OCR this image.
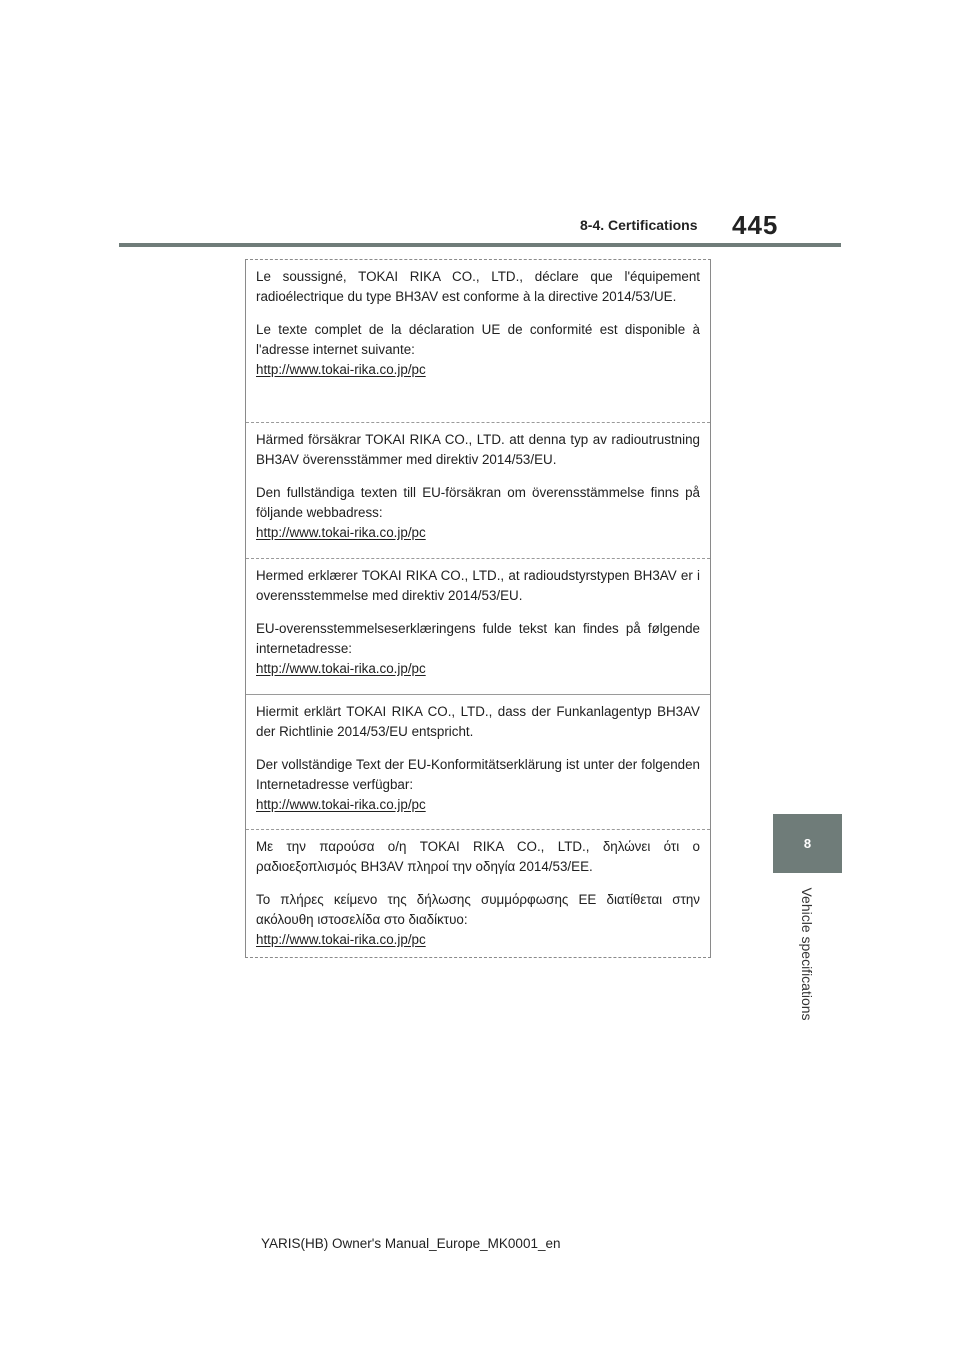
8-4. Certifications 445
8
Vehicle specifications

Le soussigné, TOKAI RIKA CO., LTD., déclare que l'équipement radioélectrique du type BH3AV est conforme à la directive 2014/53/UE.

Le texte complet de la déclaration UE de conformité est disponible à l'adresse internet suivante:
http://www.tokai-rika.co.jp/pc

Härmed försäkrar TOKAI RIKA CO., LTD. att denna typ av radioutrustning BH3AV överensstämmer med direktiv 2014/53/EU.

Den fullständiga texten till EU-försäkran om överensstämmelse finns på följande webbadress:
http://www.tokai-rika.co.jp/pc

Hermed erklærer TOKAI RIKA CO., LTD., at radioudstyrstypen BH3AV er i overensstemmelse med direktiv 2014/53/EU.

EU-overensstemmelseserklæringens fulde tekst kan findes på følgende internetadresse:
http://www.tokai-rika.co.jp/pc

Hiermit erklärt TOKAI RIKA CO., LTD., dass der Funkanlagentyp BH3AV der Richtlinie 2014/53/EU entspricht.

Der vollständige Text der EU-Konformitätserklärung ist unter der folgenden Internetadresse verfügbar:
http://www.tokai-rika.co.jp/pc

Με την παρούσα ο/η TOKAI RIKA CO., LTD., δηλώνει ότι ο ραδιοεξοπλισμός BH3AV πληροί την οδηγία 2014/53/ΕΕ.

Το πλήρες κείμενο της δήλωσης συμμόρφωσης ΕΕ διατίθεται στην ακόλουθη ιστοσελίδα στο διαδίκτυο:
http://www.tokai-rika.co.jp/pc

YARIS(HB) Owner's Manual_Europe_MK0001_en
